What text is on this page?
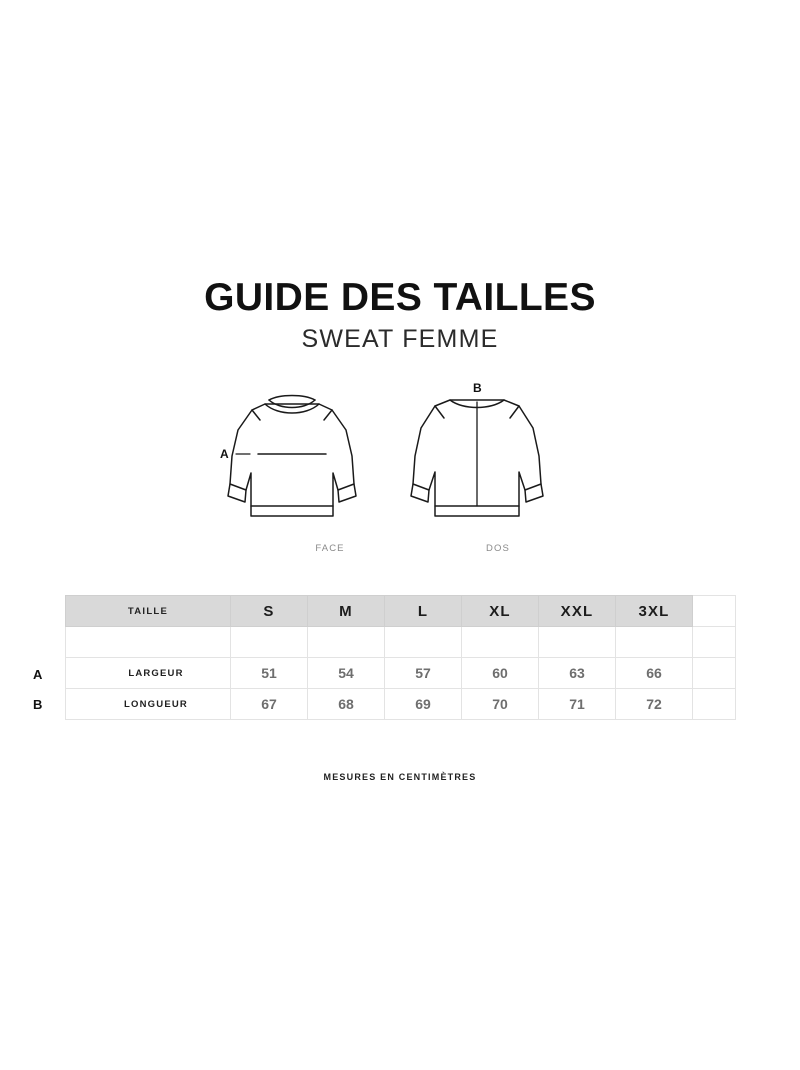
GUIDE DES TAILLES
SWEAT FEMME
A
B
FACE	DOS
A
B
TAILLE	S	M	L	XL	XXL	3XL	

LARGEUR	51	54	57	60	63	66	
LONGUEUR	67	68	69	70	71	72	
MESURES EN CENTIMÈTRES
